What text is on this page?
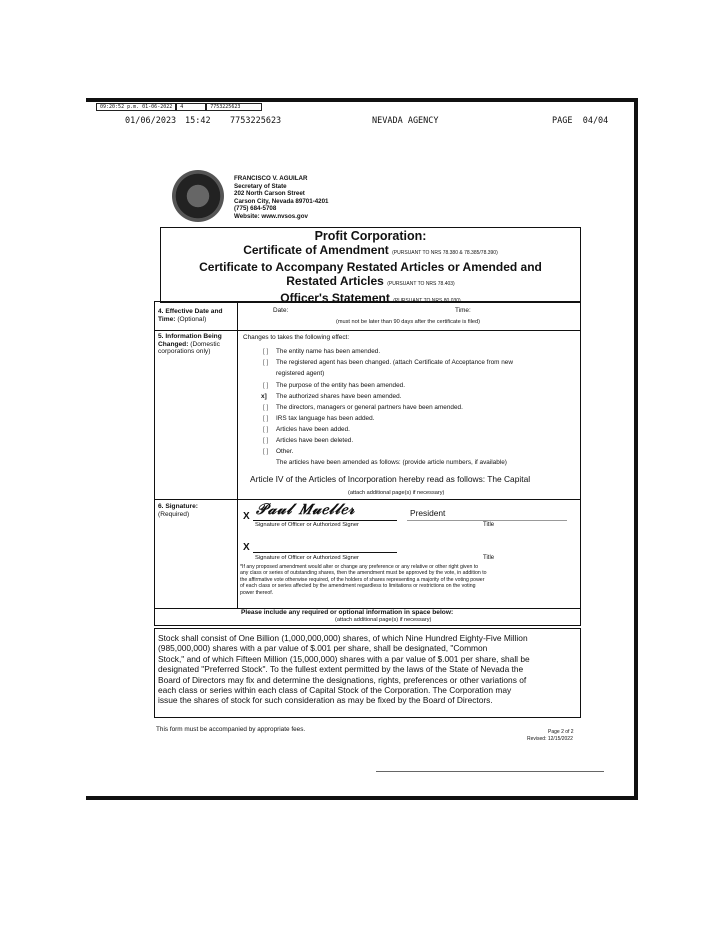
09:20:52 p.m. 01-06-2022	4	7753225623
01/06/2023 15:42 7753225623	NEVADA AGENCY	PAGE  04/04
FRANCISCO V. AGUILAR
Secretary of State
202 North Carson Street
Carson City, Nevada 89701-4201
(775) 684-5708
Website: www.nvsos.gov
Profit Corporation:
Certificate of Amendment (PURSUANT TO NRS 78.380 & 78.385/78.390)
Certificate to Accompany Restated Articles or Amended and
Restated Articles (PURSUANT TO NRS 78.403)
Officer's Statement (PURSUANT TO NRS 80.030)
4. Effective Date and
Time: (Optional)
Date:	Time:
(must not be later than 90 days after the certificate is filed)
5. Information Being
Changed: (Domestic
corporations only)
Changes to takes the following effect:
[ ] The entity name has been amended.
[ ] The registered agent has been changed. (attach Certificate of Acceptance from new
registered agent)
[ ] The purpose of the entity has been amended.
x] The authorized shares have been amended.
[ ] The directors, managers or general partners have been amended.
[ ] IRS tax language has been added.
[ ] Articles have been added.
[ ] Articles have been deleted.
[ ] Other.
The articles have been amended as follows: (provide article numbers, if available)
Article IV of the Articles of Incorporation hereby read as follows: The Capital
(attach additional page(s) if necessary)
6. Signature:
(Required)	X	President
Signature of Officer or Authorized Signer	Title
X
Signature of Officer or Authorized Signer	Title
*If any proposed amendment would alter or change any preference or any relative or other right given to
any class or series of outstanding shares, then the amendment must be approved by the vote, in addition to
the affirmative vote otherwise required, of the holders of shares representing a majority of the voting power
of each class or series affected by the amendment regardless to limitations or restrictions on the voting
power thereof.
Please include any required or optional information in space below:
(attach additional page(s) if necessary)
𝒫𝒶𝓊𝓁 𝑀𝓊𝑒𝓁𝓁𝑒𝓇
Stock shall consist of One Billion (1,000,000,000) shares, of which Nine Hundred Eighty-Five Million
(985,000,000) shares with a par value of $.001 per share, shall be designated, "Common
Stock," and of which Fifteen Million (15,000,000) shares with a par value of $.001 per share, shall be
designated "Preferred Stock". To the fullest extent permitted by the laws of the State of Nevada the
Board of Directors may fix and determine the designations, rights, preferences or other variations of
each class or series within each class of Capital Stock of the Corporation. The Corporation may
issue the shares of stock for such consideration as may be fixed by the Board of Directors.
This form must be accompanied by appropriate fees.	Page 2 of 2
Revised: 12/15/2022
